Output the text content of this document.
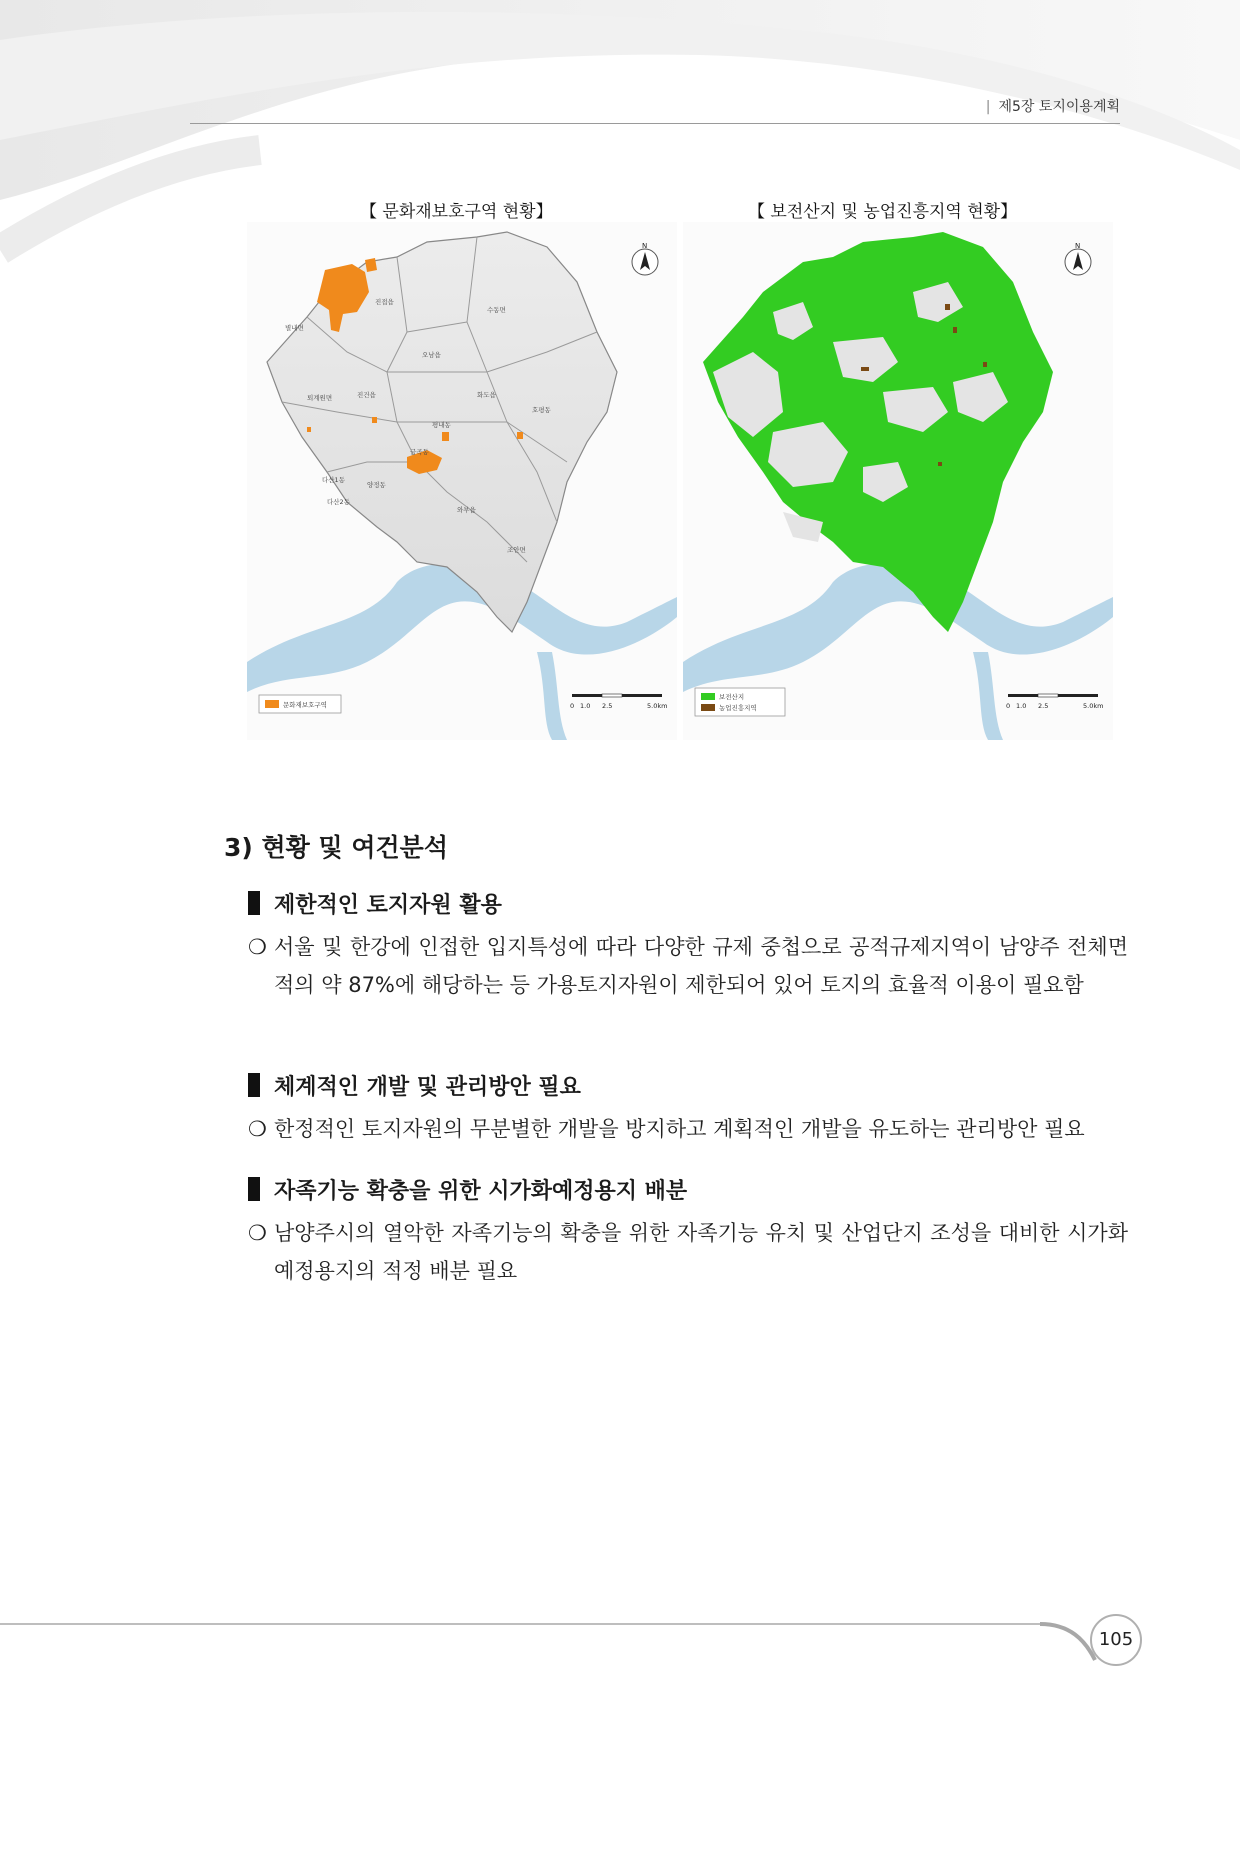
| 제5장 토지이용계획
【 문화재보호구역 현황】	【 보전산지 및 농업진흥지역 현황】
진접읍
수동면
별내면
오남읍
퇴계원면	진건읍	화도읍
금곡동
평내동
다산1동
다산2동
양정동
와부읍
조안면
호평동
N
문화재보호구역	0 1.0 2.5	5.0km
N
보전산지
농업진흥지역	0 1.0 2.5	5.0km
3) 현황 및 여건분석
제한적인 토지자원 활용
❍ 서울 및 한강에 인접한 입지특성에 따라 다양한 규제 중첩으로 공적규제지역이 남양주 전체면적의 약 87%에 해당하는 등 가용토지자원이 제한되어 있어 토지의 효율적 이용이 필요함
체계적인 개발 및 관리방안 필요
❍ 한정적인 토지자원의 무분별한 개발을 방지하고 계획적인 개발을 유도하는 관리방안 필요
자족기능 확충을 위한 시가화예정용지 배분
❍ 남양주시의 열악한 자족기능의 확충을 위한 자족기능 유치 및 산업단지 조성을 대비한 시가화예정용지의 적정 배분 필요
105
